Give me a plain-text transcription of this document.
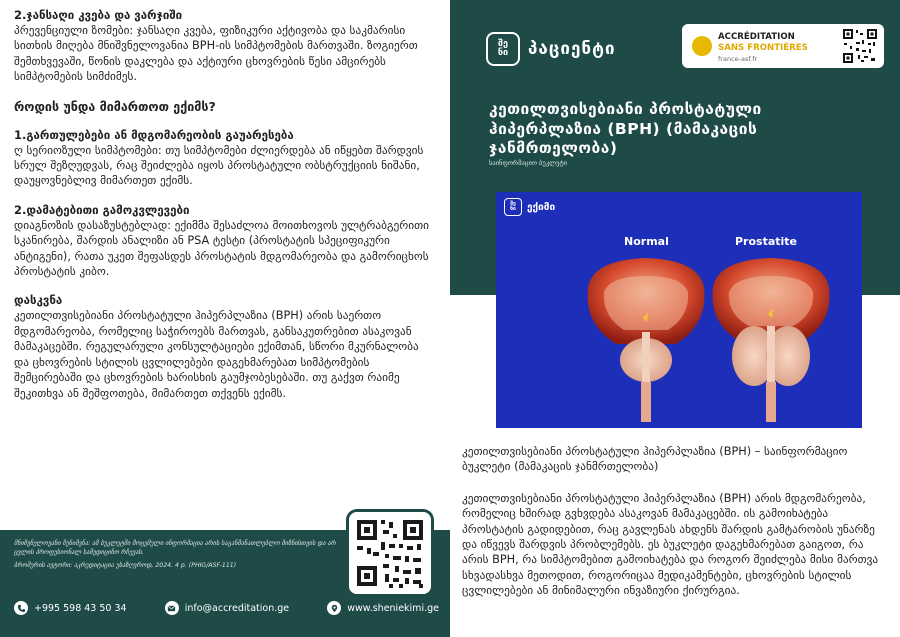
2.ჯანსაღი კვება და ვარჯიში

პრევენციული ზომები: ჯანსაღი კვება, ფიზიკური აქტივობა და საკმარისი სითხის მიღება მნიშვნელოვანია BPH-ის სიმპტომების მართვაში. ზოგიერთ შემთხვევაში, წონის დაკლება და აქტიური ცხოვრების წესი ამცირებს სიმპტომების სიმძიმეს.

როდის უნდა მიმართოთ ექიმს?
1.გართულებები ან მდგომარეობის გაუარესება

ღ სერიოზული სიმპტომები: თუ სიმპტომები ძლიერდება ან იწყებთ შარდვის სრულ შეზღუდვას, რაც შეიძლება იყოს პროსტატული ობსტრუქციის ნიშანი, დაუყოვნებლივ მიმართეთ ექიმს.

2.დამატებითი გამოკვლევები

დიაგნოზის დასაზუსტებლად: ექიმმა შესაძლოა მოითხოვოს ულტრაბგერითი სკანირება, შარდის ანალიზი ან PSA ტესტი (პროსტატის სპეციფიკური ანტიგენი), რათა უკეთ შეფასდეს პროსტატის მდგომარეობა და გამორიცხოს პროსტატის კიბო.

დასკვნა

კეთილთვისებიანი პროსტატული ჰიპერპლაზია (BPH) არის საერთო მდგომარეობა, რომელიც საჭიროებს მართვას, განსაკუთრებით ასაკოვან მამაკაცებში. რეგულარული კონსულტაციები ექიმთან, სწორი მკურნალობა და ცხოვრების სტილის ცვლილებები დაგეხმარებათ სიმპტომების შემცირებაში და ცხოვრების ხარისხის გაუმჯობესებაში. თუ გაქვთ რაიმე შეკითხვა ან შეშფოთება, მიმართეთ თქვენს ექიმს.

მნიშვნელოვანი შენიშვნა: ამ ბუკლეტში მოცემული ინფორმაცია არის საგანმანათლებლო მიზნისთვის და არ ცვლის პროფესიონალ სამედიცინო რჩევას.

ბროშურის ავტორი: აკრედიტაცია უსაზღვროდ, 2024. 4 p. (PHIG/ASF-111)

+995 598 43 50 34	info@accreditation.ge	www.sheniekimi.ge
შე
ნი პაციენტი
ACCRÉDITATION
SANS FRONTIÈRES
france-asf.fr
კეთილთვისებიანი პროსტატული ჰიპერპლაზია (BPH) (მამაკაცის ჯანმრთელობა)
საინფორმაციო ბუკლეტი
შე
ნი ექიმი
Normal	Prostatite

კეთილთვისებიანი პროსტატული ჰიპერპლაზია (BPH) – საინფორმაციო ბუკლეტი (მამაკაცის ჯანმრთელობა)

კეთილთვისებიანი პროსტატული ჰიპერპლაზია (BPH) არის მდგომარეობა, რომელიც ხშირად გვხვდება ასაკოვან მამაკაცებში. ის გამოიხატება პროსტატის გადიდებით, რაც გავლენას ახდენს შარდის გამტარობის უნარზე და იწვევს შარდვის პრობლემებს. ეს ბუკლეტი დაგეხმარებათ გაიგოთ, რა არის BPH, რა სიმპტომებით გამოიხატება და როგორ შეიძლება მისი მართვა სხვადასხვა მეთოდით, როგორიცაა მედიკამენტები, ცხოვრების სტილის ცვლილებები ან მინიმალური ინვაზიური ქირურგია.
